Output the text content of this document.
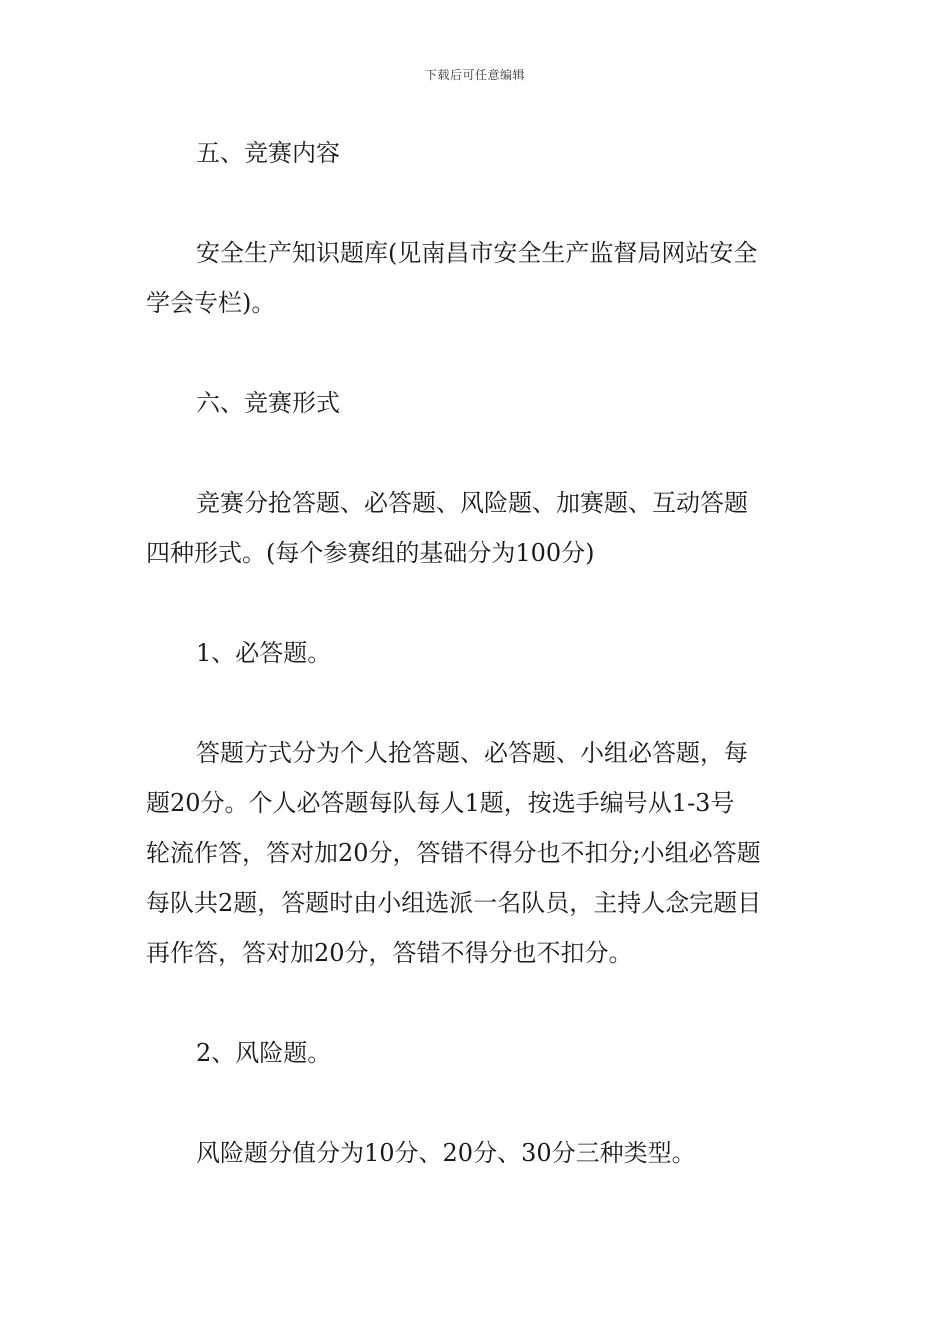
下载后可任意编辑

五、竞赛内容

安全生产知识题库(见南昌市安全生产监督局网站安全

学会专栏)。

六、竞赛形式

竞赛分抢答题、必答题、风险题、加赛题、互动答题

四种形式。(每个参赛组的基础分为100分)

1、必答题。

答题方式分为个人抢答题、必答题、小组必答题，每

题20分。个人必答题每队每人1题，按选手编号从1-3号

轮流作答，答对加20分，答错不得分也不扣分;小组必答题

每队共2题，答题时由小组选派一名队员，主持人念完题目

再作答，答对加20分，答错不得分也不扣分。

2、风险题。

风险题分值分为10分、20分、30分三种类型。
